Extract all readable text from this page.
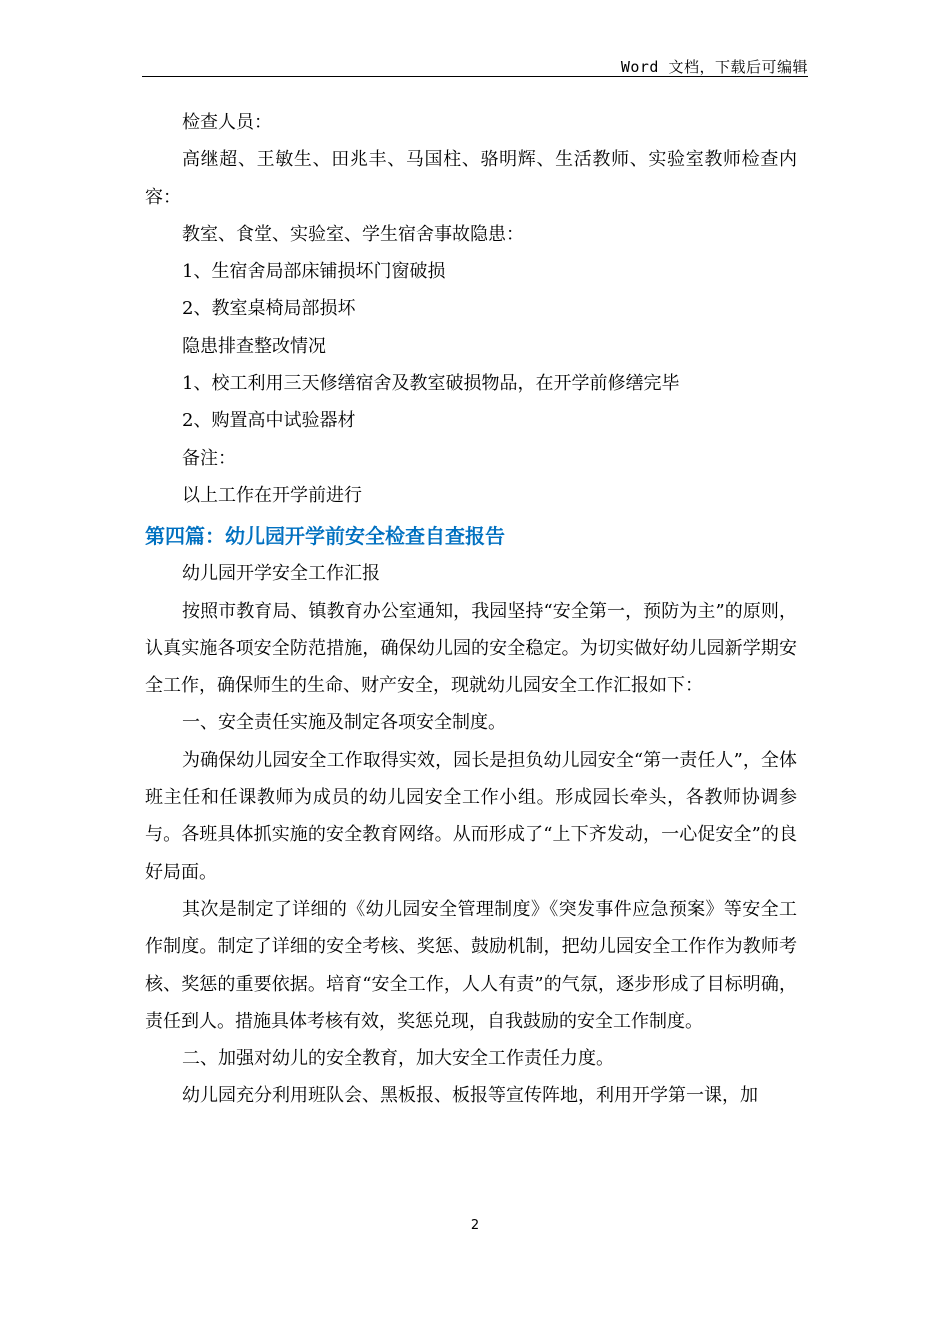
Word 文档，下载后可编辑

检查人员：

高继超、王敏生、田兆丰、马国柱、骆明辉、生活教师、实验室教师检查内容：

教室、食堂、实验室、学生宿舍事故隐患：

1、生宿舍局部床铺损坏门窗破损

2、教室桌椅局部损坏

隐患排查整改情况

1、校工利用三天修缮宿舍及教室破损物品，在开学前修缮完毕

2、购置高中试验器材

备注：

以上工作在开学前进行

第四篇：幼儿园开学前安全检查自查报告

幼儿园开学安全工作汇报

按照市教育局、镇教育办公室通知，我园坚持“安全第一，预防为主”的原则，认真实施各项安全防范措施，确保幼儿园的安全稳定。为切实做好幼儿园新学期安全工作，确保师生的生命、财产安全，现就幼儿园安全工作汇报如下：

一、安全责任实施及制定各项安全制度。

为确保幼儿园安全工作取得实效，园长是担负幼儿园安全“第一责任人”，全体班主任和任课教师为成员的幼儿园安全工作小组。形成园长牵头，各教师协调参与。各班具体抓实施的安全教育网络。从而形成了“上下齐发动，一心促安全”的良好局面。

其次是制定了详细的《幼儿园安全管理制度》《突发事件应急预案》等安全工作制度。制定了详细的安全考核、奖惩、鼓励机制，把幼儿园安全工作作为教师考核、奖惩的重要依据。培育“安全工作，人人有责”的气氛，逐步形成了目标明确，责任到人。措施具体考核有效，奖惩兑现，自我鼓励的安全工作制度。

二、加强对幼儿的安全教育，加大安全工作责任力度。

幼儿园充分利用班队会、黑板报、板报等宣传阵地，利用开学第一课，加

2
